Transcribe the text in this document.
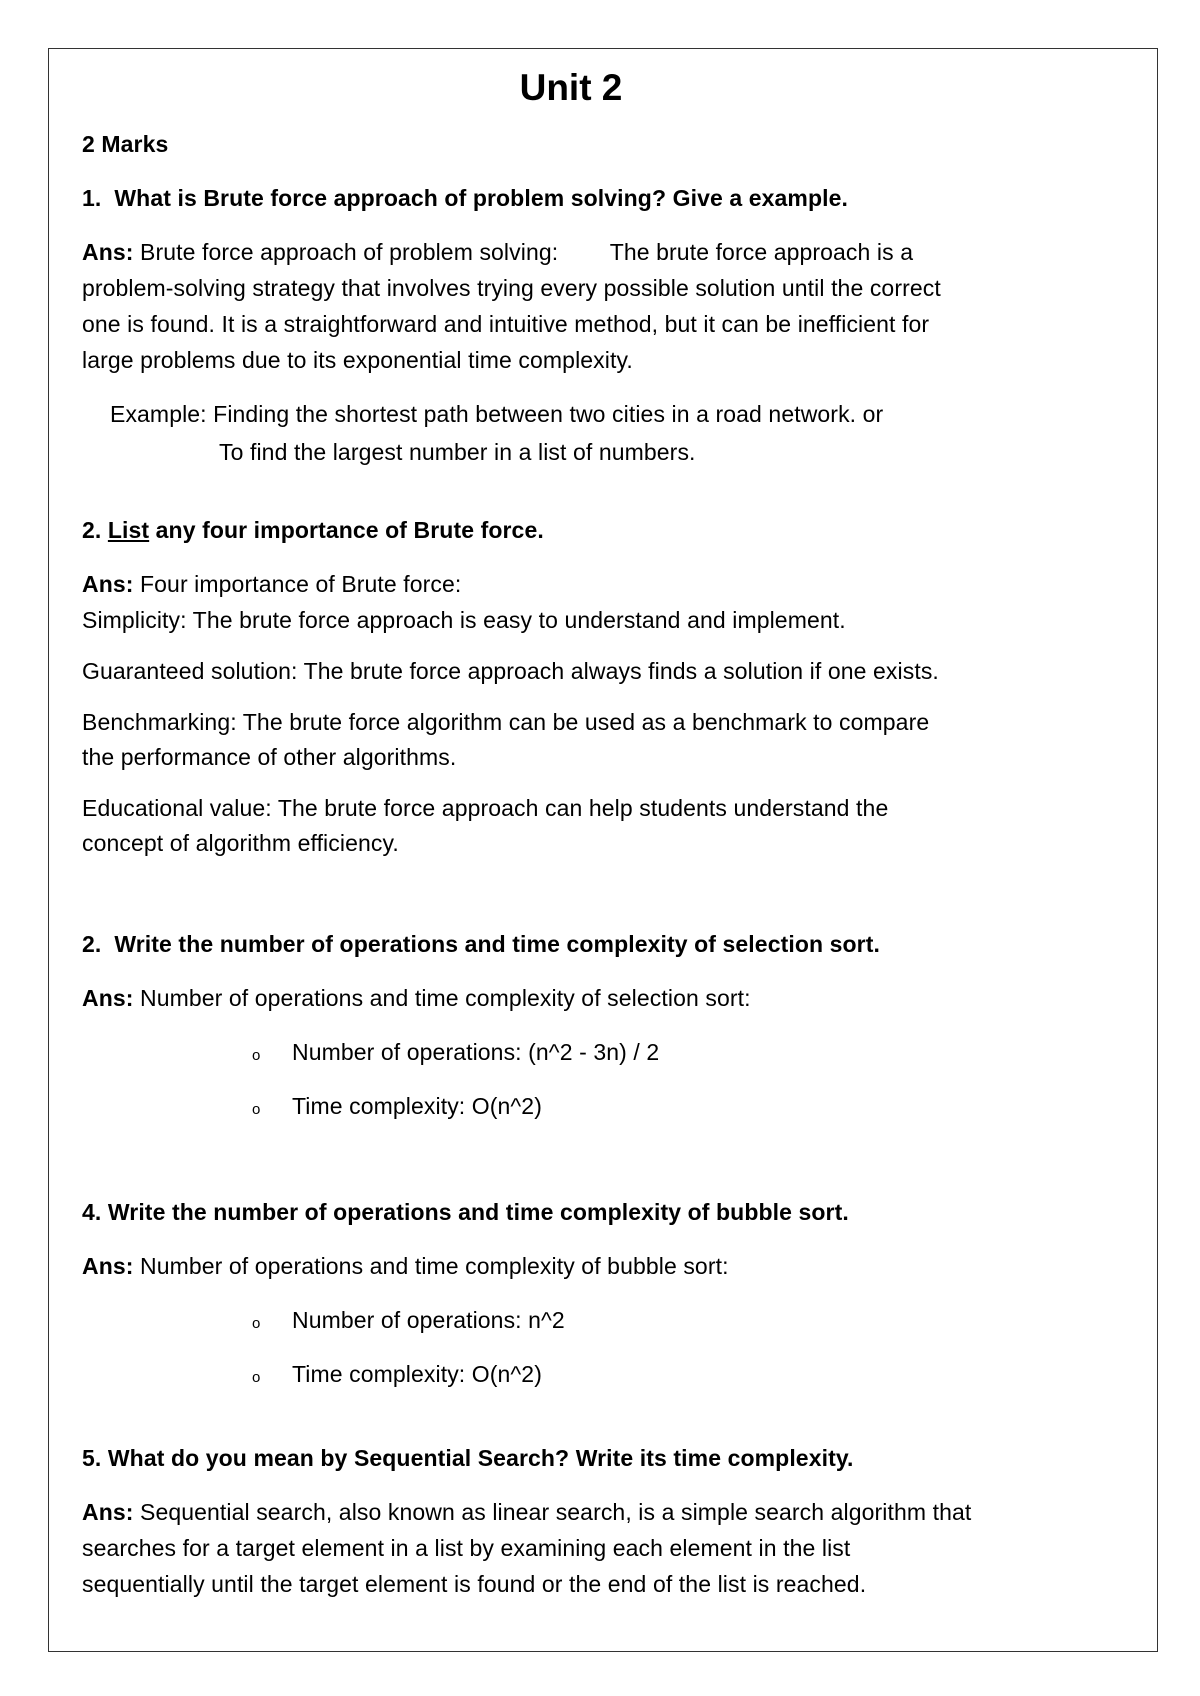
Unit 2
2 Marks
1.  What is Brute force approach of problem solving? Give a example.
Ans: Brute force approach of problem solving:        The brute force approach is a
problem-solving strategy that involves trying every possible solution until the correct
one is found. It is a straightforward and intuitive method, but it can be inefficient for
large problems due to its exponential time complexity.
Example: Finding the shortest path between two cities in a road network. or
To find the largest number in a list of numbers.
2. List any four importance of Brute force.
Ans: Four importance of Brute force:
Simplicity: The brute force approach is easy to understand and implement.
Guaranteed solution: The brute force approach always finds a solution if one exists.
Benchmarking: The brute force algorithm can be used as a benchmark to compare
the performance of other algorithms.
Educational value: The brute force approach can help students understand the
concept of algorithm efficiency.
2.  Write the number of operations and time complexity of selection sort.
Ans: Number of operations and time complexity of selection sort:
o Number of operations: (n^2 - 3n) / 2
o Time complexity: O(n^2)
4. Write the number of operations and time complexity of bubble sort.
Ans: Number of operations and time complexity of bubble sort:
o Number of operations: n^2
o Time complexity: O(n^2)
5. What do you mean by Sequential Search? Write its time complexity.
Ans: Sequential search, also known as linear search, is a simple search algorithm that
searches for a target element in a list by examining each element in the list
sequentially until the target element is found or the end of the list is reached.
